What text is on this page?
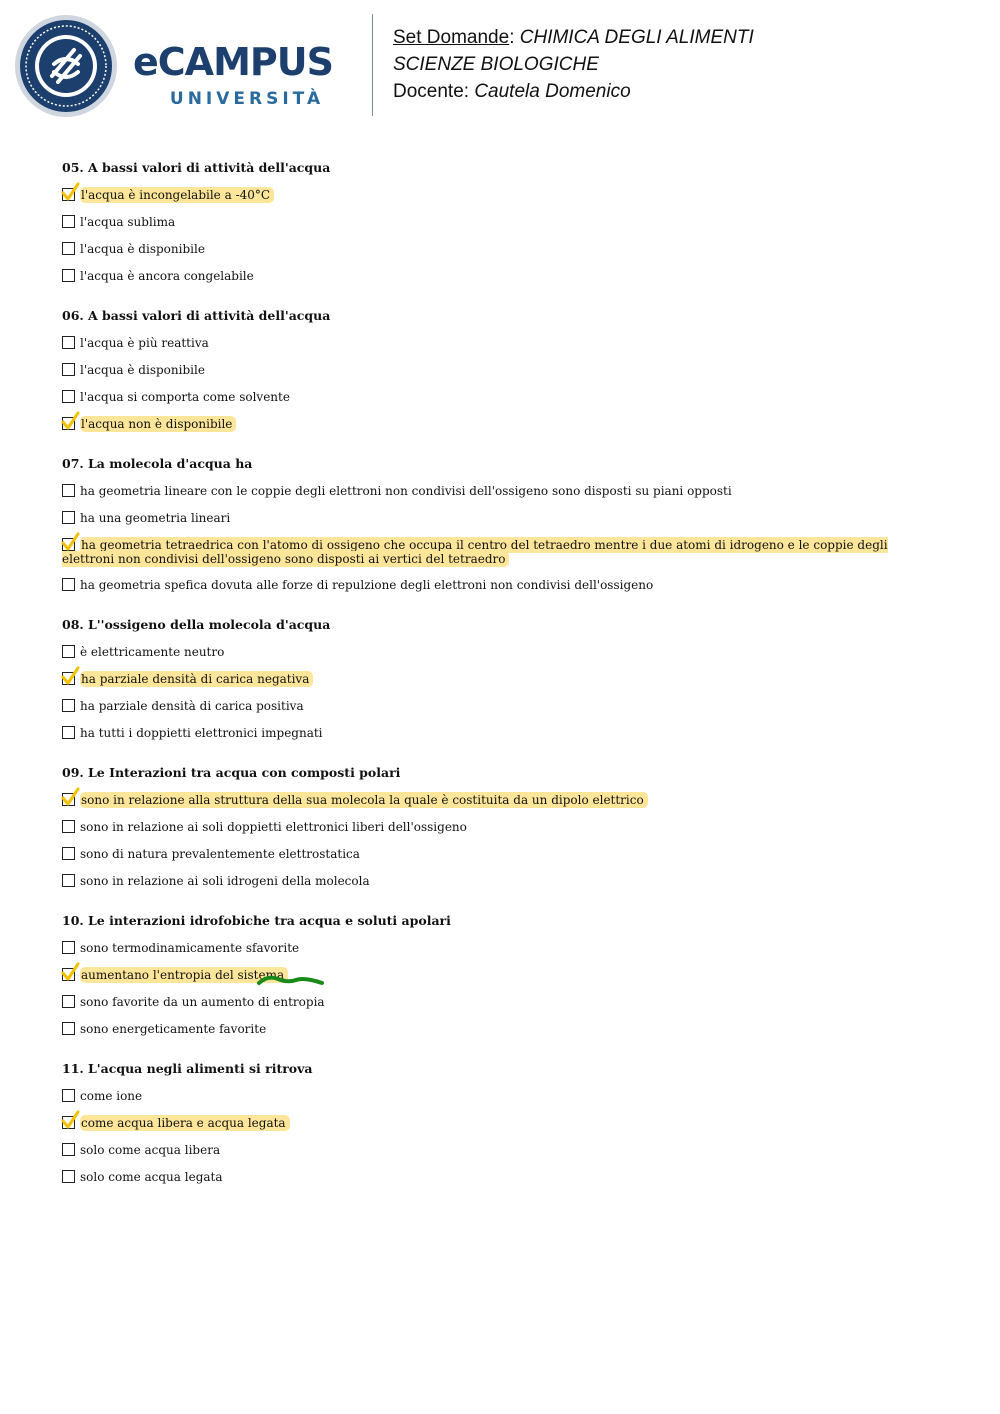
eCAMPUS
UNIVERSITÀ
Set Domande: CHIMICA DEGLI ALIMENTI
SCIENZE BIOLOGICHE
Docente: Cautela Domenico
05. A bassi valori di attività dell'acqua
l'acqua è incongelabile a -40°C
l'acqua sublima
l'acqua è disponibile
l'acqua è ancora congelabile
06. A bassi valori di attività dell'acqua
l'acqua è più reattiva
l'acqua è disponibile
l'acqua si comporta come solvente
l'acqua non è disponibile
07. La molecola d'acqua ha
ha geometria lineare con le coppie degli elettroni non condivisi dell'ossigeno sono disposti su piani opposti
ha una geometria lineari
ha geometria tetraedrica con l'atomo di ossigeno che occupa il centro del tetraedro mentre i due atomi di idrogeno e le coppie degli elettroni non condivisi dell'ossigeno sono disposti ai vertici del tetraedro
ha geometria spefica dovuta alle forze di repulzione degli elettroni non condivisi dell'ossigeno
08. L''ossigeno della molecola d'acqua
è elettricamente neutro
ha parziale densità di carica negativa
ha parziale densità di carica positiva
ha tutti i doppietti elettronici impegnati
09. Le Interazioni tra acqua con composti polari
sono in relazione alla struttura della sua molecola la quale è costituita da un dipolo elettrico
sono in relazione ai soli doppietti elettronici liberi dell'ossigeno
sono di natura prevalentemente elettrostatica
sono in relazione ai soli idrogeni della molecola
10. Le interazioni idrofobiche tra acqua e soluti apolari
sono termodinamicamente sfavorite
aumentano l'entropia del sistema
sono favorite da un aumento di entropia
sono energeticamente favorite
11. L'acqua negli alimenti si ritrova
come ione
come acqua libera e acqua legata
solo come acqua libera
solo come acqua legata
